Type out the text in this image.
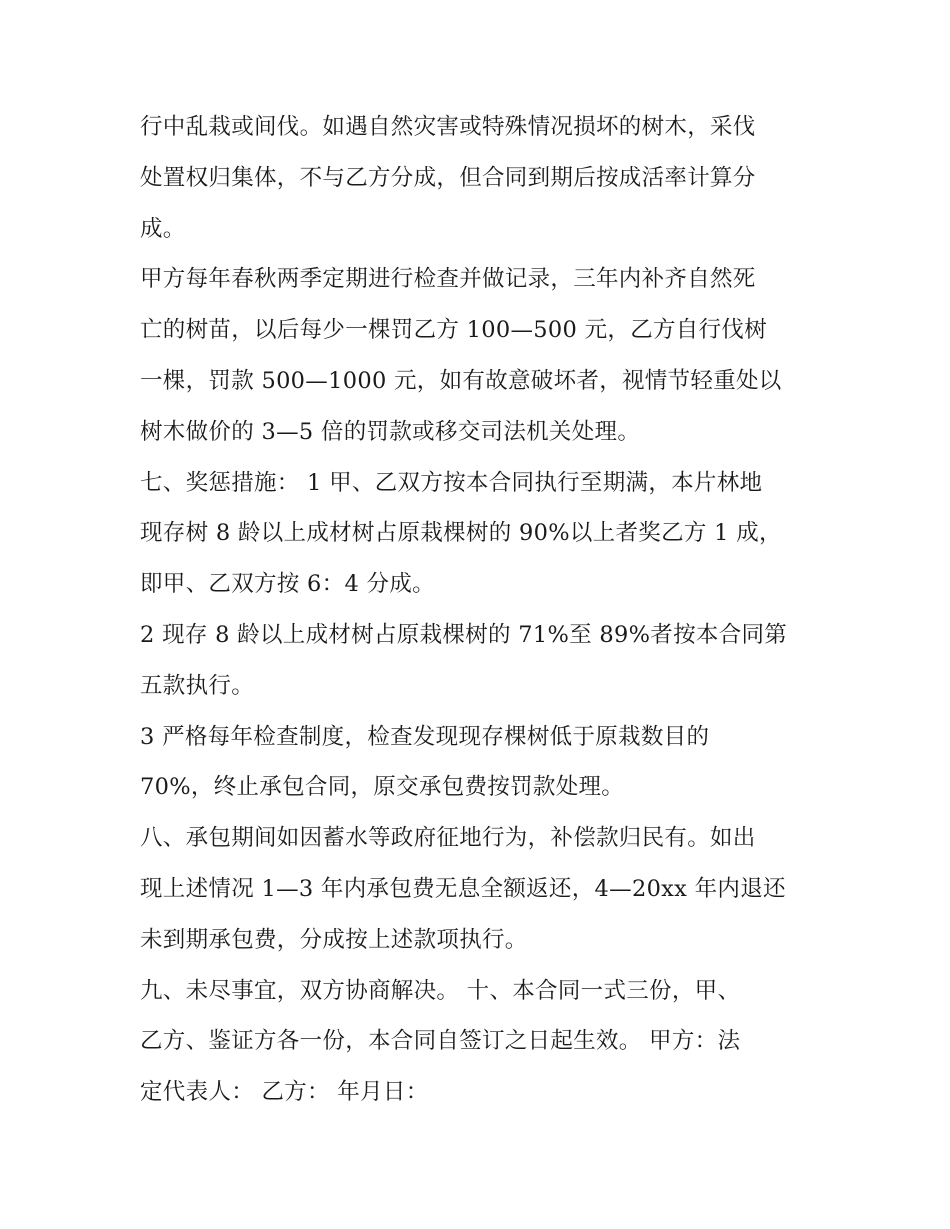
行中乱栽或间伐。如遇自然灾害或特殊情况损坏的树木，采伐
处置权归集体，不与乙方分成，但合同到期后按成活率计算分
成。
甲方每年春秋两季定期进行检查并做记录，三年内补齐自然死
亡的树苗，以后每少一棵罚乙方 100—500 元，乙方自行伐树
一棵，罚款 500—1000 元，如有故意破坏者，视情节轻重处以
树木做价的 3—5 倍的罚款或移交司法机关处理。
七、奖惩措施： 1 甲、乙双方按本合同执行至期满，本片林地
现存树 8 龄以上成材树占原栽棵树的 90%以上者奖乙方 1 成，
即甲、乙双方按 6：4 分成。
2 现存 8 龄以上成材树占原栽棵树的 71%至 89%者按本合同第
五款执行。
3 严格每年检查制度，检查发现现存棵树低于原栽数目的
70%，终止承包合同，原交承包费按罚款处理。
八、承包期间如因蓄水等政府征地行为，补偿款归民有。如出
现上述情况 1—3 年内承包费无息全额返还，4—20xx 年内退还
未到期承包费，分成按上述款项执行。
九、未尽事宜，双方协商解决。 十、本合同一式三份，甲、
乙方、鉴证方各一份，本合同自签订之日起生效。 甲方：法
定代表人： 乙方： 年月日：
